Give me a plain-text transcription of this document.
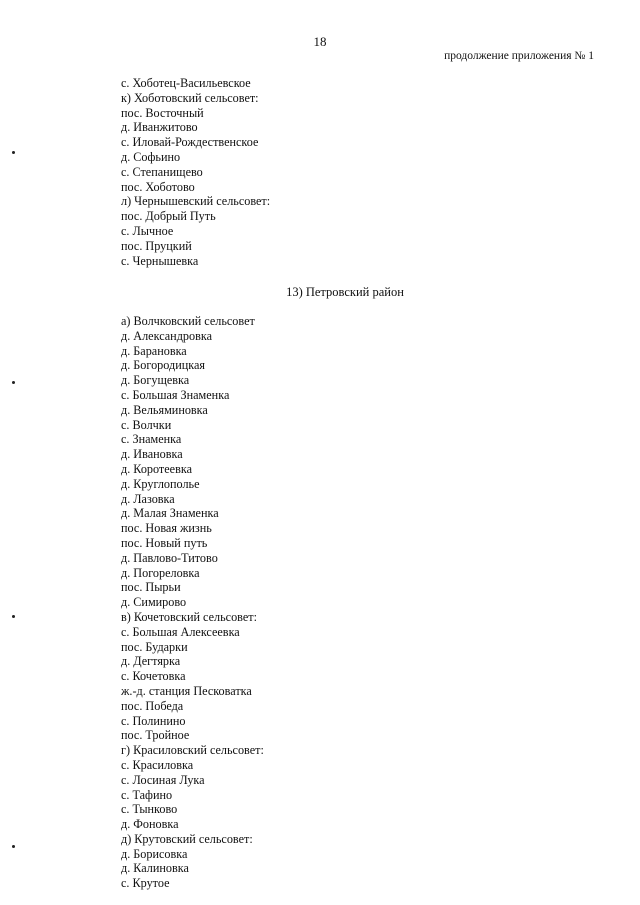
18
продолжение приложения № 1
с. Хоботец-Васильевское
к) Хоботовский сельсовет:
пос. Восточный
д. Иванжитово
с. Иловай-Рождественское
д. Софьино
с. Степанищево
пос. Хоботово
л) Чернышевский сельсовет:
пос. Добрый Путь
с. Лычное
пос. Пруцкий
с. Чернышевка
13) Петровский район
а) Волчковский сельсовет
д. Александровка
д. Барановка
д. Богородицкая
д. Богущевка
с. Большая Знаменка
д. Вельяминовка
с. Волчки
с. Знаменка
д. Ивановка
д. Коротеевка
д. Круглополье
д. Лазовка
д. Малая Знаменка
пос. Новая жизнь
пос. Новый путь
д. Павлово-Титово
д. Погореловка
пос. Пырьи
д. Симирово
в) Кочетовский сельсовет:
с. Большая Алексеевка
пос. Бударки
д. Дегтярка
с. Кочетовка
ж.-д. станция Песковатка
пос. Победа
с. Полинино
пос. Тройное
г) Красиловский сельсовет:
с. Красиловка
с. Лосиная Лука
с. Тафино
с. Тынково
д. Фоновка
д) Крутовский сельсовет:
д. Борисовка
д. Калиновка
с. Крутое
